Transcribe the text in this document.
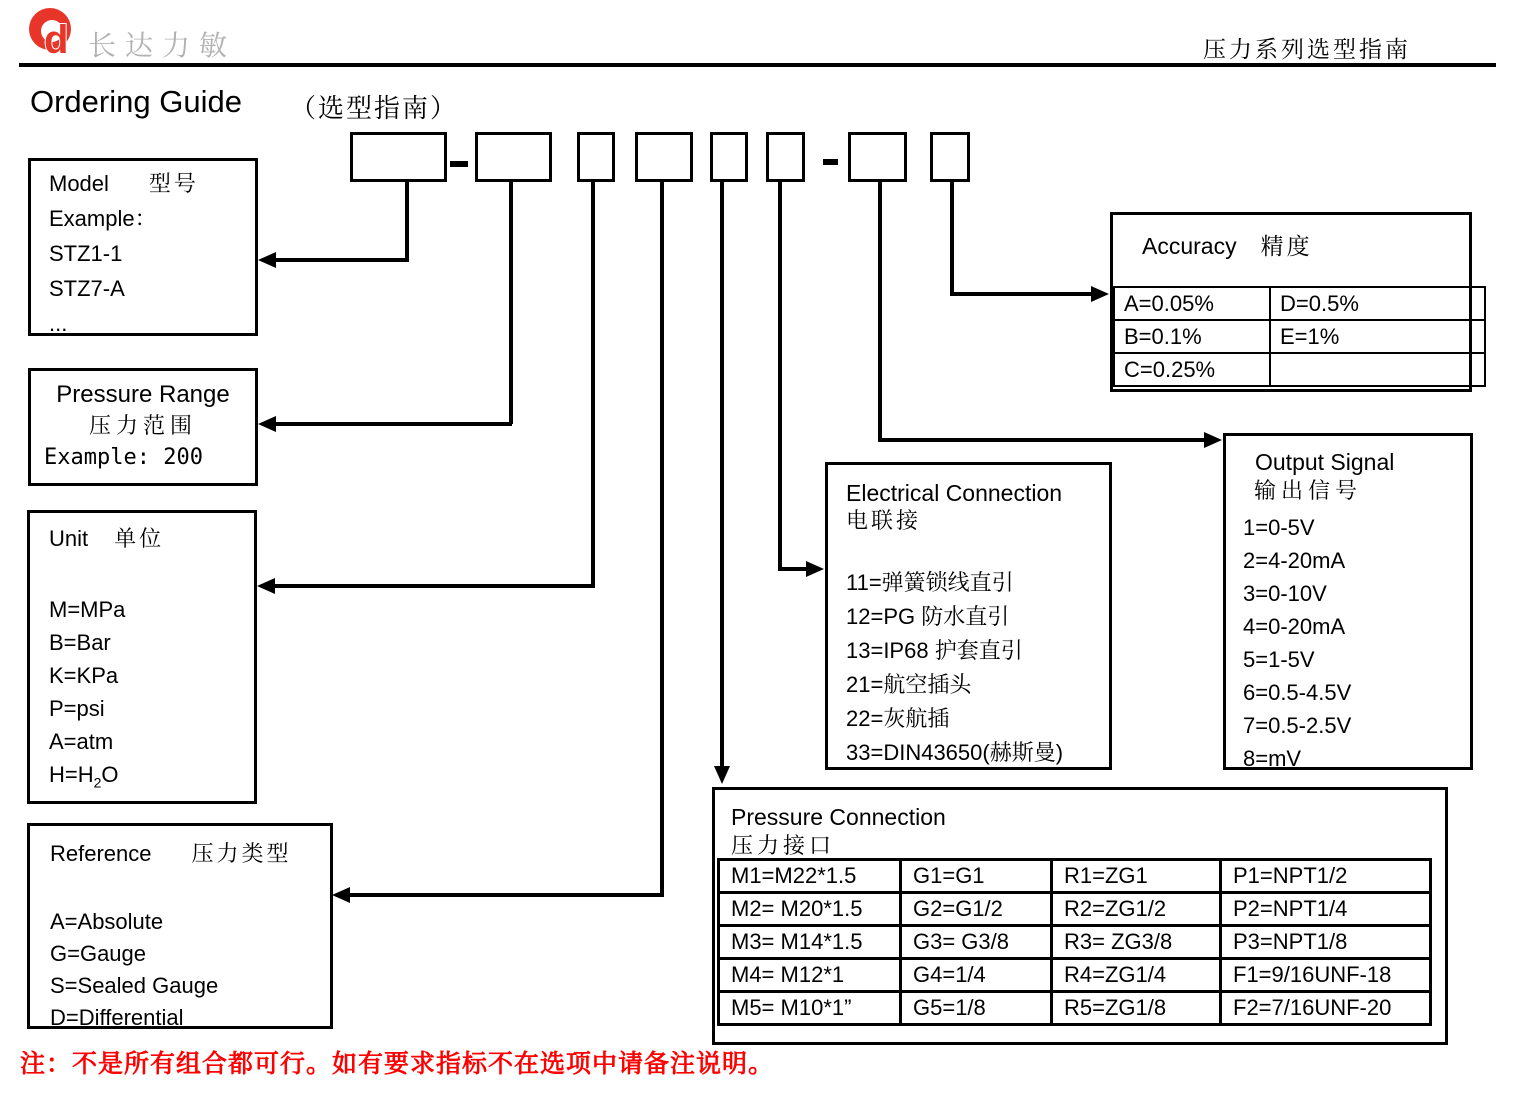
d 长达力敏	压力系列选型指南
Ordering Guide （选型指南）
Model 型号
Example：
STZ1-1
STZ7-A
...
Pressure Range
压力范围
Example: 200
Unit 单位
M=MPa
B=Bar
K=KPa
P=psi
A=atm
$H=H_2O$
Reference 压力类型
A=Absolute
G=Gauge
S=Sealed Gauge
D=Differential
Accuracy 精度
A=0.05%	D=0.5%
B=0.1%	E=1%
C=0.25%	
Output Signal
输出信号
1=0-5V
2=4-20mA
3=0-10V
4=0-20mA
5=1-5V
6=0.5-4.5V
7=0.5-2.5V
8=mV
Electrical Connection
电联接
11=弹簧锁线直引
12=PG 防水直引
13=IP68 护套直引
21=航空插头
22=灰航插
33=DIN43650(赫斯曼)
Pressure Connection
压力接口
M1=M22*1.5	G1=G1	R1=ZG1	P1=NPT1/2
M2= M20*1.5	G2=G1/2	R2=ZG1/2	P2=NPT1/4
M3= M14*1.5	G3= G3/8	R3= ZG3/8	P3=NPT1/8
M4= M12*1	G4=1/4	R4=ZG1/4	F1=9/16UNF-18
M5= M10*1”	G5=1/8	R5=ZG1/8	F2=7/16UNF-20
注：不是所有组合都可行。如有要求指标不在选项中请备注说明。
